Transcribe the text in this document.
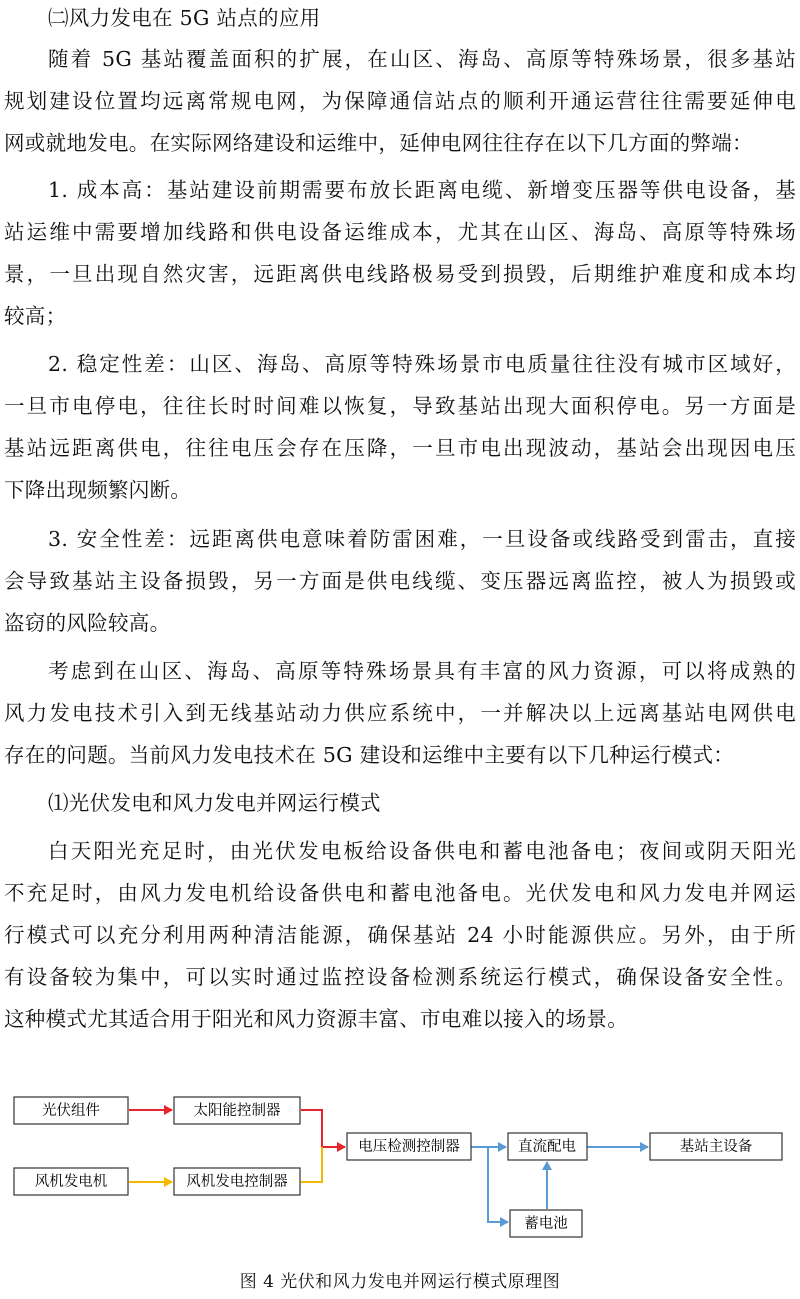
㈡风力发电在 5G 站点的应用
随着 5G 基站覆盖面积的扩展，在山区、海岛、高原等特殊场景，很多基站
规划建设位置均远离常规电网，为保障通信站点的顺利开通运营往往需要延伸电
网或就地发电。在实际网络建设和运维中，延伸电网往往存在以下几方面的弊端：
1. 成本高：基站建设前期需要布放长距离电缆、新增变压器等供电设备，基
站运维中需要增加线路和供电设备运维成本，尤其在山区、海岛、高原等特殊场
景，一旦出现自然灾害，远距离供电线路极易受到损毁，后期维护难度和成本均
较高；
2. 稳定性差：山区、海岛、高原等特殊场景市电质量往往没有城市区域好，
一旦市电停电，往往长时时间难以恢复，导致基站出现大面积停电。另一方面是
基站远距离供电，往往电压会存在压降，一旦市电出现波动，基站会出现因电压
下降出现频繁闪断。
3. 安全性差：远距离供电意味着防雷困难，一旦设备或线路受到雷击，直接
会导致基站主设备损毁，另一方面是供电线缆、变压器远离监控，被人为损毁或
盗窃的风险较高。
考虑到在山区、海岛、高原等特殊场景具有丰富的风力资源，可以将成熟的
风力发电技术引入到无线基站动力供应系统中，一并解决以上远离基站电网供电
存在的问题。当前风力发电技术在 5G 建设和运维中主要有以下几种运行模式：
⑴光伏发电和风力发电并网运行模式
白天阳光充足时，由光伏发电板给设备供电和蓄电池备电；夜间或阴天阳光
不充足时，由风力发电机给设备供电和蓄电池备电。光伏发电和风力发电并网运
行模式可以充分利用两种清洁能源，确保基站 24 小时能源供应。另外，由于所
有设备较为集中，可以实时通过监控设备检测系统运行模式，确保设备安全性。
这种模式尤其适合用于阳光和风力资源丰富、市电难以接入的场景。
光伏组件	太阳能控制器
风机发电机	风机发电控制器
电压检测控制器	直流配电
蓄电池
基站主设备
图 4 光伏和风力发电并网运行模式原理图
